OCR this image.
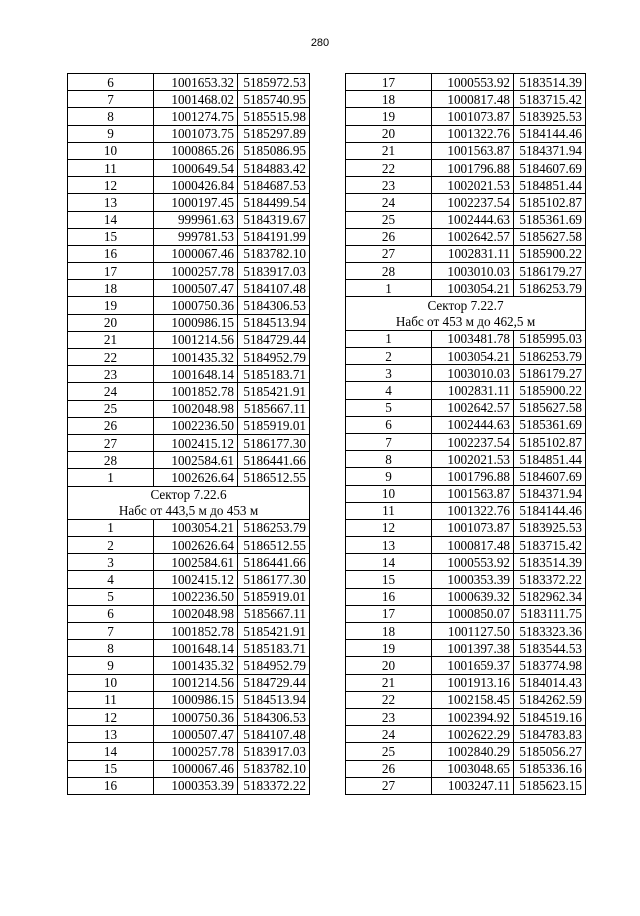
280
6	1001653.32	5185972.53
7	1001468.02	5185740.95
8	1001274.75	5185515.98
9	1001073.75	5185297.89
10	1000865.26	5185086.95
11	1000649.54	5184883.42
12	1000426.84	5184687.53
13	1000197.45	5184499.54
14	999961.63	5184319.67
15	999781.53	5184191.99
16	1000067.46	5183782.10
17	1000257.78	5183917.03
18	1000507.47	5184107.48
19	1000750.36	5184306.53
20	1000986.15	5184513.94
21	1001214.56	5184729.44
22	1001435.32	5184952.79
23	1001648.14	5185183.71
24	1001852.78	5185421.91
25	1002048.98	5185667.11
26	1002236.50	5185919.01
27	1002415.12	5186177.30
28	1002584.61	5186441.66
1	1002626.64	5186512.55
Сектор 7.22.6		
Набс от 443,5 м до 453 м		
1	1003054.21	5186253.79
2	1002626.64	5186512.55
3	1002584.61	5186441.66
4	1002415.12	5186177.30
5	1002236.50	5185919.01
6	1002048.98	5185667.11
7	1001852.78	5185421.91
8	1001648.14	5185183.71
9	1001435.32	5184952.79
10	1001214.56	5184729.44
11	1000986.15	5184513.94
12	1000750.36	5184306.53
13	1000507.47	5184107.48
14	1000257.78	5183917.03
15	1000067.46	5183782.10
16	1000353.39	5183372.22
17	1000553.92	5183514.39
18	1000817.48	5183715.42
19	1001073.87	5183925.53
20	1001322.76	5184144.46
21	1001563.87	5184371.94
22	1001796.88	5184607.69
23	1002021.53	5184851.44
24	1002237.54	5185102.87
25	1002444.63	5185361.69
26	1002642.57	5185627.58
27	1002831.11	5185900.22
28	1003010.03	5186179.27
1	1003054.21	5186253.79
Сектор 7.22.7		
Набс от 453 м до 462,5 м		
1	1003481.78	5185995.03
2	1003054.21	5186253.79
3	1003010.03	5186179.27
4	1002831.11	5185900.22
5	1002642.57	5185627.58
6	1002444.63	5185361.69
7	1002237.54	5185102.87
8	1002021.53	5184851.44
9	1001796.88	5184607.69
10	1001563.87	5184371.94
11	1001322.76	5184144.46
12	1001073.87	5183925.53
13	1000817.48	5183715.42
14	1000553.92	5183514.39
15	1000353.39	5183372.22
16	1000639.32	5182962.34
17	1000850.07	5183111.75
18	1001127.50	5183323.36
19	1001397.38	5183544.53
20	1001659.37	5183774.98
21	1001913.16	5184014.43
22	1002158.45	5184262.59
23	1002394.92	5184519.16
24	1002622.29	5184783.83
25	1002840.29	5185056.27
26	1003048.65	5185336.16
27	1003247.11	5185623.15
